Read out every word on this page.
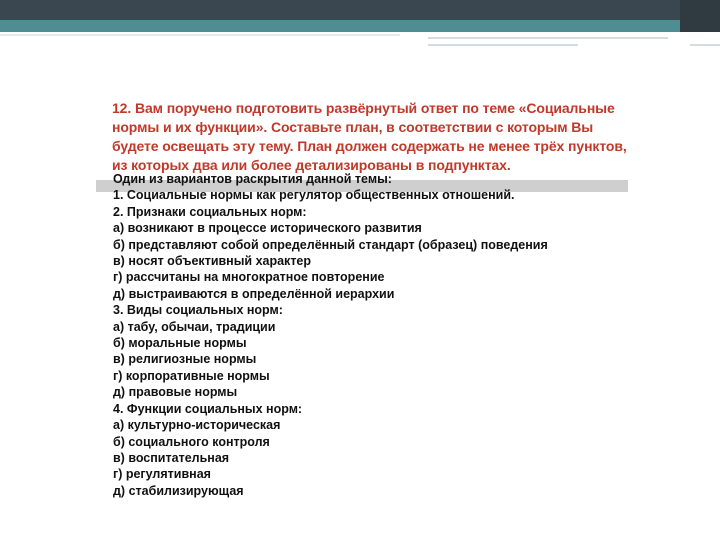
12. Вам поручено подготовить развёрнутый ответ по теме «Социальные нормы и их функции». Составьте план, в соответствии с которым Вы будете освещать эту тему. План должен содержать не менее трёх пунктов, из которых два или более детализированы в подпунктах.
Один из вариантов раскрытия данной темы:
1. Социальные нормы как регулятор общественных отношений.
2. Признаки социальных норм:
а) возникают в процессе исторического развития
б) представляют собой определённый стандарт (образец) поведения
в) носят объективный характер
г) рассчитаны на многократное повторение
д) выстраиваются в определённой иерархии
3. Виды социальных норм:
а) табу, обычаи, традиции
б) моральные нормы
в) религиозные нормы
г) корпоративные нормы
д) правовые нормы
4. Функции социальных норм:
а) культурно-историческая
б) социального контроля
в) воспитательная
г) регулятивная
д) стабилизирующая
